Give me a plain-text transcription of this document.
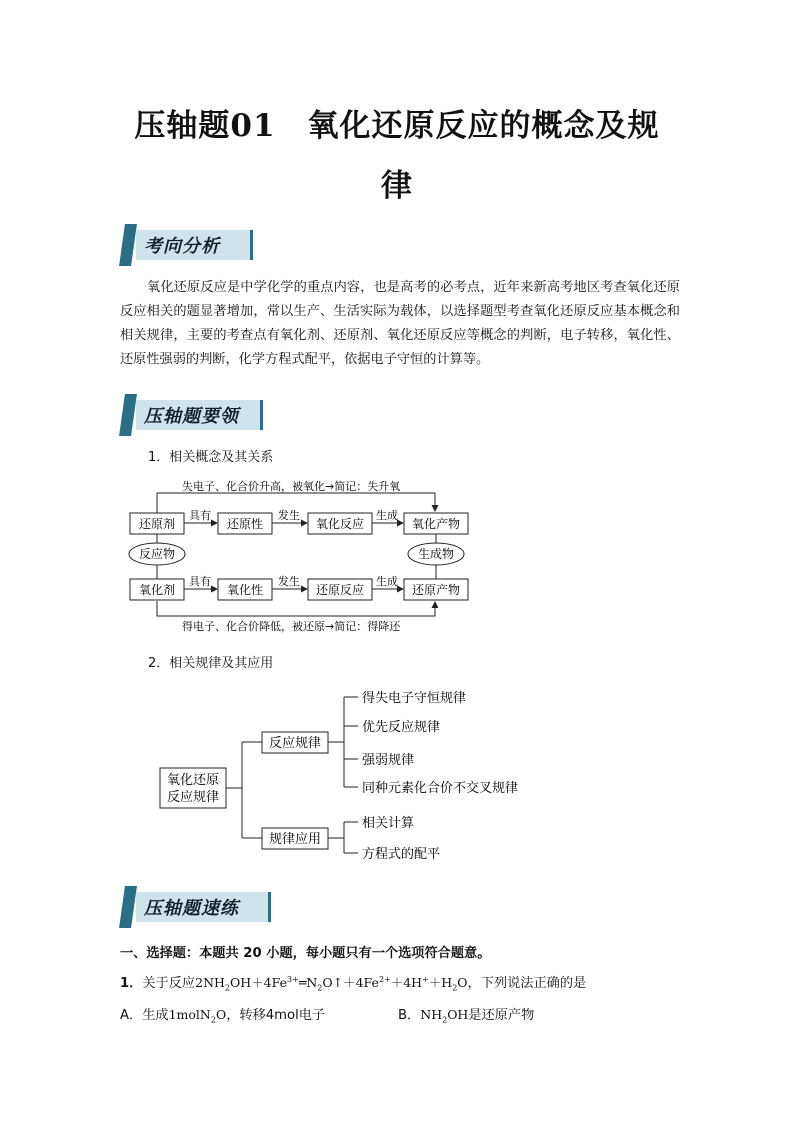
压轴题01　氧化还原反应的概念及规
律
考向分析
氧化还原反应是中学化学的重点内容，也是高考的必考点，近年来新高考地区考查氧化还原反应相关的题显著增加，常以生产、生活实际为载体，以选择题型考查氧化还原反应基本概念和相关规律，主要的考查点有氧化剂、还原剂、氧化还原反应等概念的判断，电子转移，氧化性、还原性强弱的判断，化学方程式配平，依据电子守恒的计算等。
压轴题要领
1．相关概念及其关系
失电子、化合价升高，被氧化→简记：失升氧
得电子、化合价降低，被还原→简记：得降还
还原剂	还原性	氧化反应	氧化产物
具有	发生	生成
反应物	生成物
氧化剂	氧化性	还原反应	还原产物
具有	发生	生成
2．相关规律及其应用
氧化还原
反应规律
反应规律
规律应用
得失电子守恒规律
优先反应规律
强弱规律
同种元素化合价不交叉规律
相关计算
方程式的配平
压轴题速练
一、选择题：本题共 20 小题，每小题只有一个选项符合题意。
1．关于反应$2NH_2OH+4Fe^{3+}═N_2O↑+4Fe^{2+}+4H^++H_2O$，下列说法正确的是
A．生成1molN$_2$O，转移4mol电子	B．$NH_2OH$是还原产物
